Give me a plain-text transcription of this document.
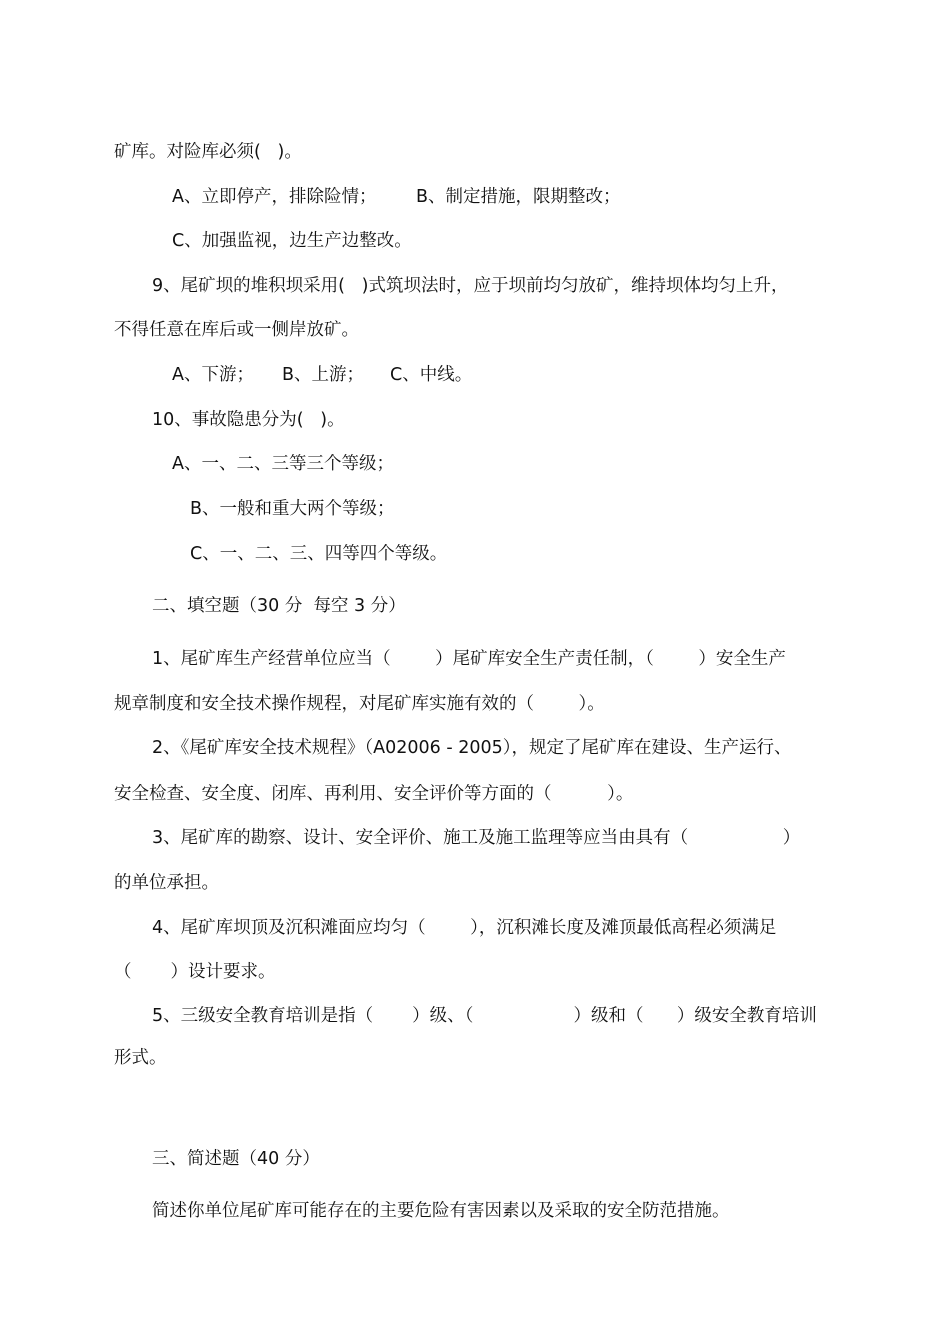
矿库。对险库必须(   )。
A、立即停产，排除险情； B、制定措施，限期整改；
C、加强监视，边生产边整改。
9、尾矿坝的堆积坝采用(   )式筑坝法时，应于坝前均匀放矿，维持坝体均匀上升，
不得任意在库后或一侧岸放矿。
A、下游； B、上游； C、中线。
10、事故隐患分为(   )。
A、一、二、三等三个等级；
B、一般和重大两个等级；
C、一、二、三、四等四个等级。
二、填空题（30 分  每空 3 分）
1、尾矿库生产经营单位应当（        ）尾矿库安全生产责任制，（        ）安全生产
规章制度和安全技术操作规程，对尾矿库实施有效的（        ）。
2、《尾矿库安全技术规程》（A02006 - 2005），规定了尾矿库在建设、生产运行、
安全检查、安全度、闭库、再利用、安全评价等方面的（          ）。
3、尾矿库的勘察、设计、安全评价、施工及施工监理等应当由具有（                 ）
的单位承担。
4、尾矿库坝顶及沉积滩面应均匀（        ），沉积滩长度及滩顶最低高程必须满足
（       ）设计要求。
5、三级安全教育培训是指（       ）级、（                  ）级和（      ）级安全教育培训
形式。
三、简述题（40 分）
简述你单位尾矿库可能存在的主要危险有害因素以及采取的安全防范措施。
